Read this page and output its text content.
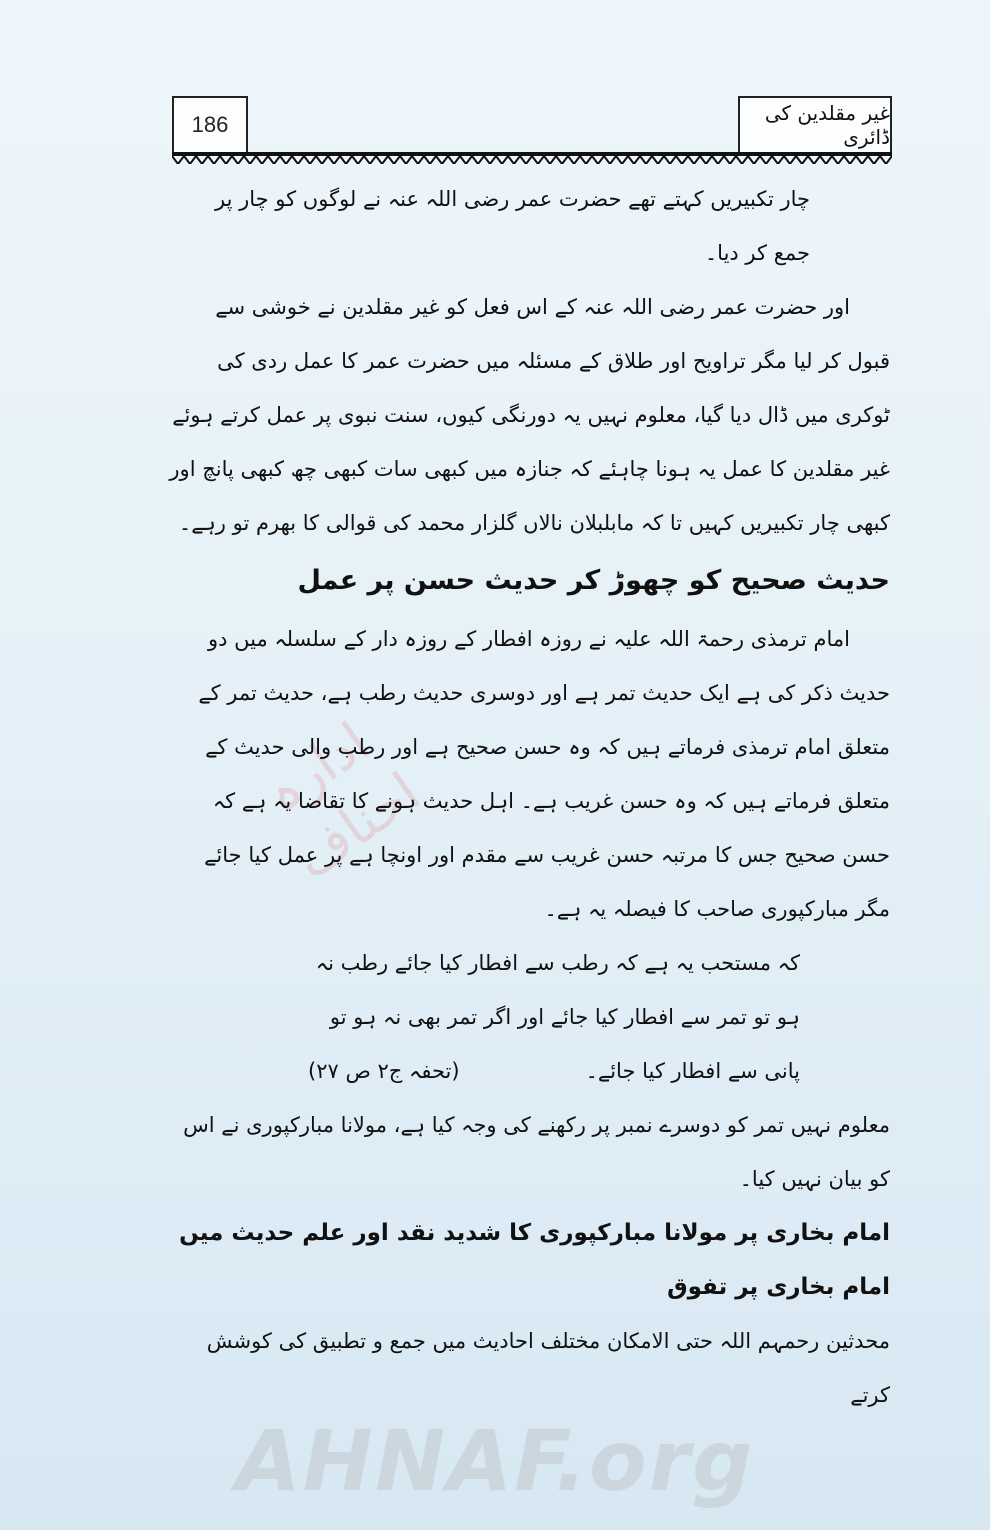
186	غیر مقلدین کی ڈائری
ادارہ احناف

چار تکبیریں کہتے تھے حضرت عمر رضی اللہ عنہ نے لوگوں کو چار پر جمع کر دیا۔

اور حضرت عمر رضی اللہ عنہ کے اس فعل کو غیر مقلدین نے خوشی سے قبول کر لیا مگر تراویح اور طلاق کے مسئلہ میں حضرت عمر کا عمل ردی کی ٹوکری میں ڈال دیا گیا، معلوم نہیں یہ دورنگی کیوں، سنت نبوی پر عمل کرتے ہوئے غیر مقلدین کا عمل یہ ہونا چاہئے کہ جنازہ میں کبھی سات کبھی چھ کبھی پانچ اور کبھی چار تکبیریں کہیں تا کہ مابلبلان نالاں گلزار محمد کی قوالی کا بھرم تو رہے۔

حدیث صحیح کو چھوڑ کر حدیث حسن پر عمل

امام ترمذی رحمۃ اللہ علیہ نے روزہ افطار کے روزہ دار کے سلسلہ میں دو حدیث ذکر کی ہے ایک حدیث تمر ہے اور دوسری حدیث رطب ہے، حدیث تمر کے متعلق امام ترمذی فرماتے ہیں کہ وہ حسن صحیح ہے اور رطب والی حدیث کے متعلق فرماتے ہیں کہ وہ حسن غریب ہے۔ اہل حدیث ہونے کا تقاضا یہ ہے کہ حسن صحیح جس کا مرتبہ حسن غریب سے مقدم اور اونچا ہے پر عمل کیا جائے مگر مبارکپوری صاحب کا فیصلہ یہ ہے۔

کہ مستحب یہ ہے کہ رطب سے افطار کیا جائے رطب نہ ہو تو تمر سے افطار کیا جائے اور اگر تمر بھی نہ ہو تو پانی سے افطار کیا جائے۔

(تحفہ ج۲ ص ۲۷)

معلوم نہیں تمر کو دوسرے نمبر پر رکھنے کی وجہ کیا ہے، مولانا مبارکپوری نے اس کو بیان نہیں کیا۔

امام بخاری پر مولانا مبارکپوری کا شدید نقد اور علم حدیث میں امام بخاری پر تفوق

محدثین رحمہم اللہ حتی الامکان مختلف احادیث میں جمع و تطبیق کی کوشش کرتے

AHNAF.org
